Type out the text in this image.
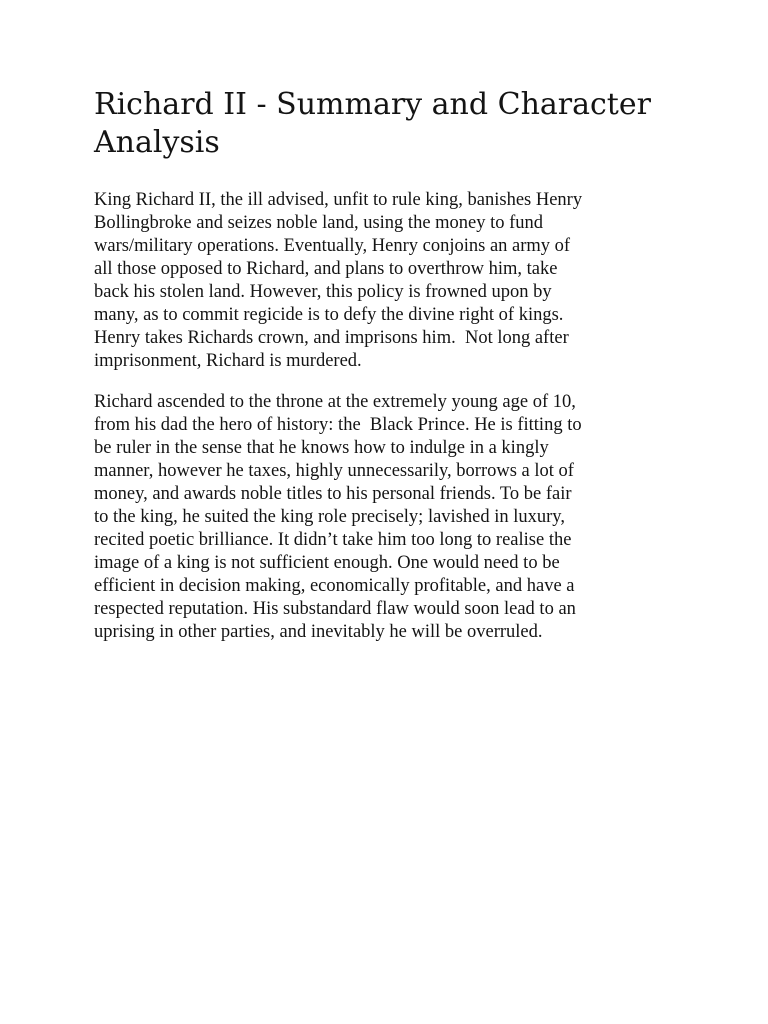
Richard II - Summary and Character
Analysis

King Richard II, the ill advised, unfit to rule king, banishes Henry
Bollingbroke and seizes noble land, using the money to fund
wars/military operations. Eventually, Henry conjoins an army of
all those opposed to Richard, and plans to overthrow him, take
back his stolen land. However, this policy is frowned upon by
many, as to commit regicide is to defy the divine right of kings.
Henry takes Richards crown, and imprisons him.  Not long after
imprisonment, Richard is murdered.

Richard ascended to the throne at the extremely young age of 10,
from his dad the hero of history: the  Black Prince. He is fitting to
be ruler in the sense that he knows how to indulge in a kingly
manner, however he taxes, highly unnecessarily, borrows a lot of
money, and awards noble titles to his personal friends. To be fair
to the king, he suited the king role precisely; lavished in luxury,
recited poetic brilliance. It didn’t take him too long to realise the
image of a king is not sufficient enough. One would need to be
efficient in decision making, economically profitable, and have a
respected reputation. His substandard flaw would soon lead to an
uprising in other parties, and inevitably he will be overruled.
